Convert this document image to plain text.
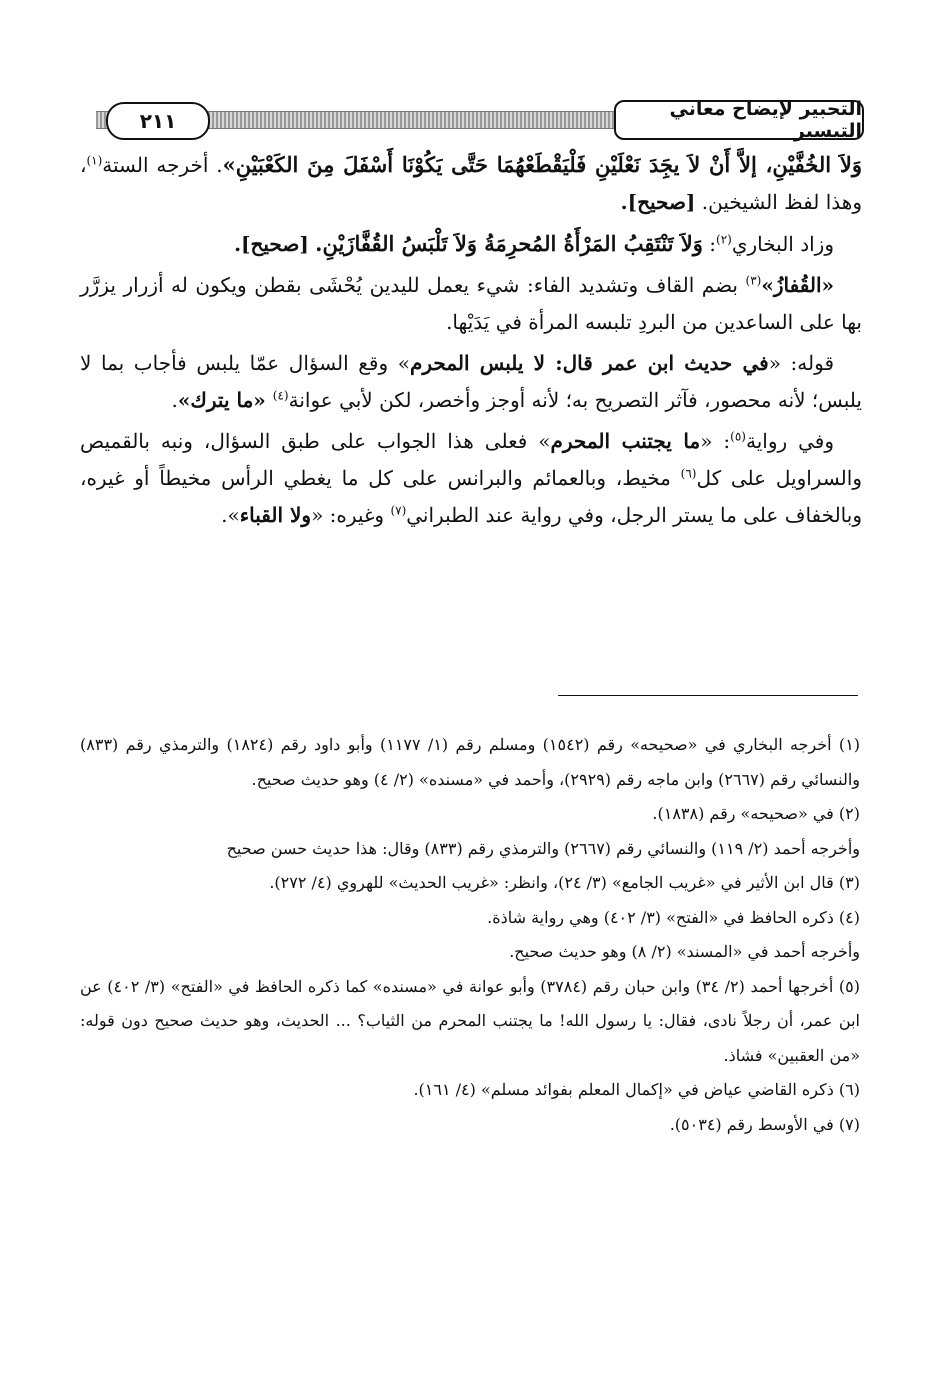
٢١١	التحبير لإيضاح معاني التيسير

وَلاَ الخُفَّيْنِ، إلاَّ أَنْ لاَ يجَِدَ نَعْلَيْنِ فَلْيَقْطَعْهُمَا حَتَّى يَكُوْنَا أَسْفَلَ مِنَ الكَعْبَيْنِ». أخرجه الستة$^{(١)}$، وهذا لفظ الشيخين. [صحيح].

وزاد البخاري$^{(٢)}$: وَلاَ تَنْتَقِبُ المَرْأَةُ المُحرِمَةُ وَلاَ تَلْبَسُ القُفَّازَيْنِ. [صحيح].

«القُفازُ»$^{(٣)}$ بضم القاف وتشديد الفاء: شيء يعمل لليدين يُحْشَى بقطن ويكون له أزرار يزرَّر بها على الساعدين من البردِ تلبسه المرأة في يَدَيْها.

قوله: «في حديث ابن عمر قال: لا يلبس المحرم» وقع السؤال عمّا يلبس فأجاب بما لا يلبس؛ لأنه محصور، فآثر التصريح به؛ لأنه أوجز وأخصر، لكن لأبي عوانة$^{(٤)}$ «ما يترك».

وفي رواية$^{(٥)}$: «ما يجتنب المحرم» فعلى هذا الجواب على طبق السؤال، ونبه بالقميص والسراويل على كل$^{(٦)}$ مخيط، وبالعمائم والبرانس على كل ما يغطي الرأس مخيطاً أو غيره، وبالخفاف على ما يستر الرجل، وفي رواية عند الطبراني$^{(٧)}$ وغيره: «ولا القباء».

(١) أخرجه البخاري في «صحيحه» رقم (١٥٤٢) ومسلم رقم (١/ ١١٧٧) وأبو داود رقم (١٨٢٤) والترمذي رقم (٨٣٣) والنسائي رقم (٢٦٦٧) وابن ماجه رقم (٢٩٢٩)، وأحمد في «مسنده» (٢/ ٤) وهو حديث صحيح.

(٢) في «صحيحه» رقم (١٨٣٨).

وأخرجه أحمد (٢/ ١١٩) والنسائي رقم (٢٦٦٧) والترمذي رقم (٨٣٣) وقال: هذا حديث حسن صحيح

(٣) قال ابن الأثير في «غريب الجامع» (٣/ ٢٤)، وانظر: «غريب الحديث» للهروي (٤/ ٢٧٢).

(٤) ذكره الحافظ في «الفتح» (٣/ ٤٠٢) وهي رواية شاذة.

وأخرجه أحمد في «المسند» (٢/ ٨) وهو حديث صحيح.

(٥) أخرجها أحمد (٢/ ٣٤) وابن حبان رقم (٣٧٨٤) وأبو عوانة في «مسنده» كما ذكره الحافظ في «الفتح» (٣/ ٤٠٢) عن ابن عمر، أن رجلاً نادى، فقال: يا رسول الله! ما يجتنب المحرم من الثياب؟ ... الحديث، وهو حديث صحيح دون قوله: «من العقبين» فشاذ.

(٦) ذكره القاضي عياض في «إكمال المعلم بفوائد مسلم» (٤/ ١٦١).

(٧) في الأوسط رقم (٥٠٣٤).
